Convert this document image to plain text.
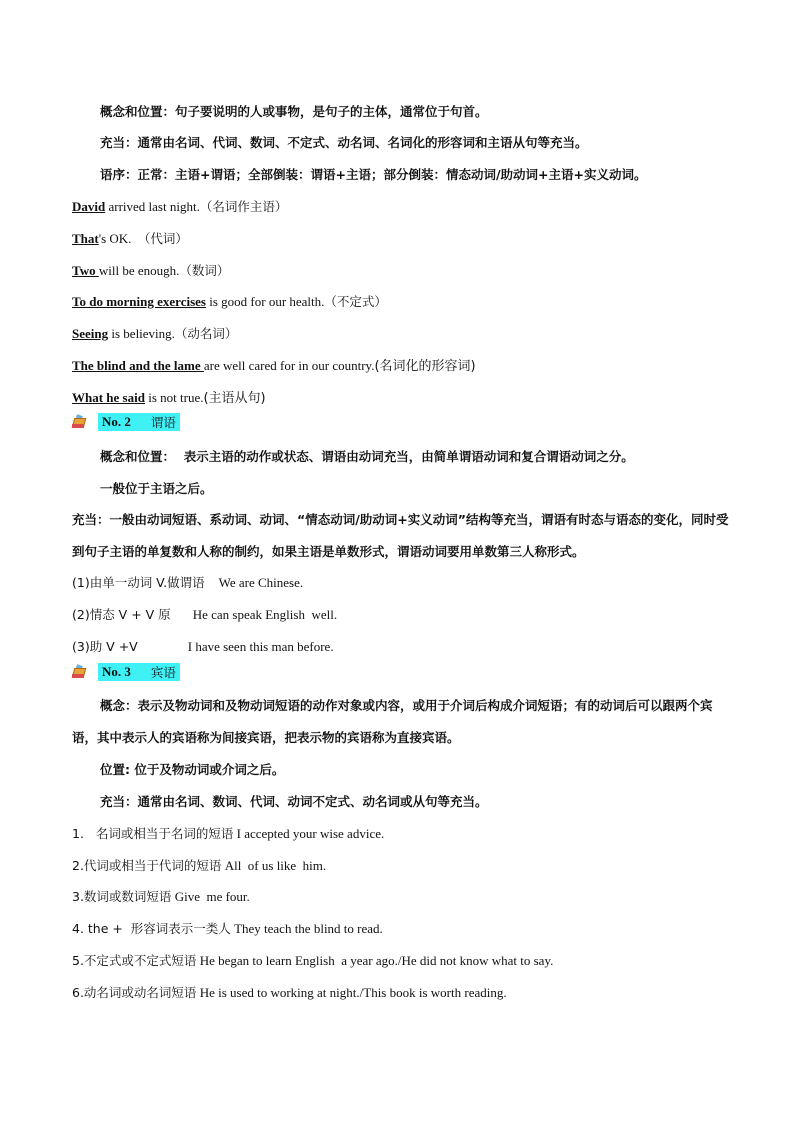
概念和位置：句子要说明的人或事物，是句子的主体，通常位于句首。
充当：通常由名词、代词、数词、不定式、动名词、名词化的形容词和主语从句等充当。
语序：正常：主语+谓语；全部倒装：谓语+主语；部分倒装：情态动词/助动词+主语+实义动词。
David arrived last night.（名词作主语）
That's OK.  （代词）
Two will be enough.（数词）
To do morning exercises is good for our health.（不定式）
Seeing is believing.（动名词）
The blind and the lame are well cared for in our country.(名词化的形容词)
What he said is not true.(主语从句)
No. 2 谓语
概念和位置： 表示主语的动作或状态、谓语由动词充当，由简单谓语动词和复合谓语动词之分。
一般位于主语之后。
充当：一般由动词短语、系动词、动词、“情态动词/助动词+实义动词”结构等充当，谓语有时态与语态的变化，同时受到句子主语的单复数和人称的制约，如果主语是单数形式，谓语动词要用单数第三人称形式。
(1)由单一动词 V.做谓语 We are Chinese.
(2)情态 V + V 原 He can speak English  well.
(3)助 V +V	I have seen this man before.
No. 3 宾语
概念：表示及物动词和及物动词短语的动作对象或内容，或用于介词后构成介词短语；有的动词后可以跟两个宾语，其中表示人的宾语称为间接宾语，把表示物的宾语称为直接宾语。
位置: 位于及物动词或介词之后。
充当：通常由名词、数词、代词、动词不定式、动名词或从句等充当。
1.   名词或相当于名词的短语 I accepted your wise advice.
2.代词或相当于代词的短语 All  of us like  him.
3.数词或数词短语 Give  me four.
4. the +  形容词表示一类人 They teach the blind to read.
5.不定式或不定式短语 He began to learn English  a year ago./He did not know what to say.
6.动名词或动名词短语 He is used to working at night./This book is worth reading.
